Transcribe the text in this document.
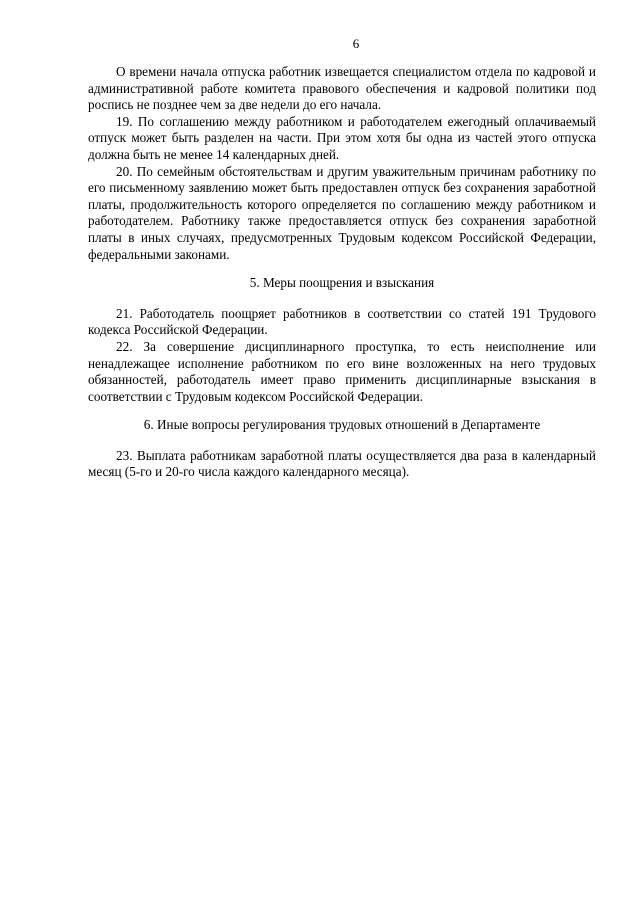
6

О времени начала отпуска работник извещается специалистом отдела по кадровой и административной работе комитета правового обеспечения и кадровой политики под роспись не позднее чем за две недели до его начала.

19. По соглашению между работником и работодателем ежегодный оплачиваемый отпуск может быть разделен на части. При этом хотя бы одна из частей этого отпуска должна быть не менее 14 календарных дней.

20. По семейным обстоятельствам и другим уважительным причинам работнику по его письменному заявлению может быть предоставлен отпуск без сохранения заработной платы, продолжительность которого определяется по соглашению между работником и работодателем. Работнику также предоставляется отпуск без сохранения заработной платы в иных случаях, предусмотренных Трудовым кодексом Российской Федерации, федеральными законами.

5. Меры поощрения и взыскания

21. Работодатель поощряет работников в соответствии со статей 191 Трудового кодекса Российской Федерации.

22. За совершение дисциплинарного проступка, то есть неисполнение или ненадлежащее исполнение работником по его вине возложенных на него трудовых обязанностей, работодатель имеет право применить дисциплинарные взыскания в соответствии с Трудовым кодексом Российской Федерации.

6. Иные вопросы регулирования трудовых отношений в Департаменте

23. Выплата работникам заработной платы осуществляется два раза в календарный месяц (5-го и 20-го числа каждого календарного месяца).
